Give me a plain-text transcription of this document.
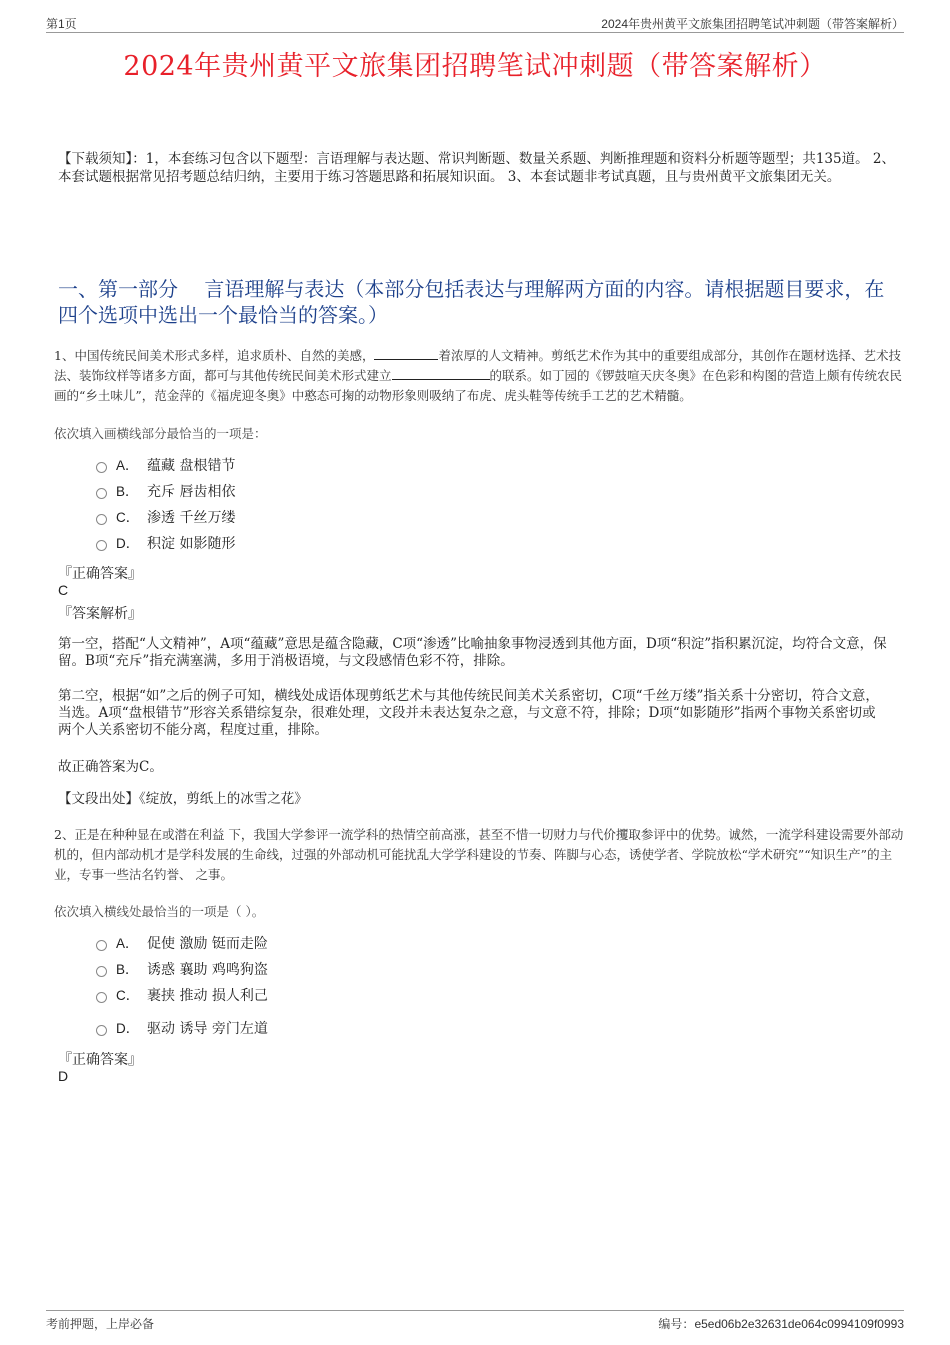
第1页	2024年贵州黄平文旅集团招聘笔试冲刺题（带答案解析）
2024年贵州黄平文旅集团招聘笔试冲刺题（带答案解析）
【下载须知】：1，本套练习包含以下题型：言语理解与表达题、常识判断题、数量关系题、判断推理题和资料分析题等题型；共135道。 2、本套试题根据常见招考题总结归纳，主要用于练习答题思路和拓展知识面。 3、本套试题非考试真题，且与贵州黄平文旅集团无关。
一、第一部分　 言语理解与表达（本部分包括表达与理解两方面的内容。请根据题目要求，在四个选项中选出一个最恰当的答案。）
1、中国传统民间美术形式多样，追求质朴、自然的美感，	着浓厚的人文精神。剪纸艺术作为其中的重要组成部分，其创作在题材选择、艺术技法、装饰纹样等诸多方面，都可与其他传统民间美术形式建立	的联系。如丁园的《锣鼓喧天庆冬奥》在色彩和构图的营造上颇有传统农民画的“乡土味儿”，范金萍的《福虎迎冬奥》中憨态可掬的动物形象则吸纳了布虎、虎头鞋等传统手工艺的艺术精髓。
依次填入画横线部分最恰当的一项是：
A． 蕴藏 盘根错节
B． 充斥 唇齿相依
C． 渗透 千丝万缕
D． 积淀 如影随形
『正确答案』
C
『答案解析』
第一空，搭配“人文精神”，A项“蕴藏”意思是蕴含隐藏，C项“渗透”比喻抽象事物浸透到其他方面，D项“积淀”指积累沉淀，均符合文意，保留。B项“充斥”指充满塞满，多用于消极语境，与文段感情色彩不符，排除。
第二空，根据“如”之后的例子可知，横线处成语体现剪纸艺术与其他传统民间美术关系密切，C项“千丝万缕”指关系十分密切，符合文意，当选。A项“盘根错节”形容关系错综复杂，很难处理，文段并未表达复杂之意，与文意不符，排除；D项“如影随形”指两个事物关系密切或两个人关系密切不能分离，程度过重，排除。
故正确答案为C。
【文段出处】《绽放，剪纸上的冰雪之花》
2、正是在种种显在或潜在利益 下，我国大学参评一流学科的热情空前高涨，甚至不惜一切财力与代价攫取参评中的优势。诚然，一流学科建设需要外部动机的，但内部动机才是学科发展的生命线，过强的外部动机可能扰乱大学学科建设的节奏、阵脚与心态，诱使学者、学院放松“学术研究”“知识生产”的主业，专事一些沽名钓誉、 之事。
依次填入横线处最恰当的一项是（ ）。
A． 促使 激励 铤而走险
B． 诱惑 襄助 鸡鸣狗盗
C． 裹挟 推动 损人利己
D． 驱动 诱导 旁门左道
『正确答案』
D
考前押题，上岸必备	编号：e5ed06b2e32631de064c0994109f0993
